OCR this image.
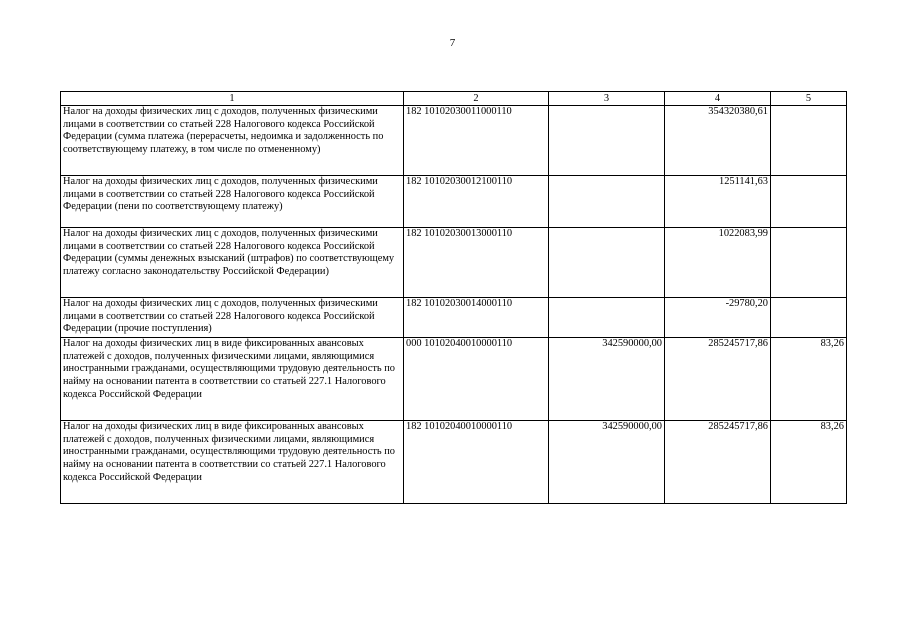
7
1	2	3	4	5
Налог на доходы физических лиц с доходов, полученных физическими лицами в соответствии со статьей 228 Налогового кодекса Российской Федерации (сумма платежа (перерасчеты, недоимка и задолженность по соответствующему платежу, в том числе по отмененному)	182 10102030011000110		354320380,61	
Налог на доходы физических лиц с доходов, полученных физическими лицами в соответствии со статьей 228 Налогового кодекса Российской Федерации (пени по соответствующему платежу)	182 10102030012100110		1251141,63	
Налог на доходы физических лиц с доходов, полученных физическими лицами в соответствии со статьей 228 Налогового кодекса Российской Федерации (суммы денежных взысканий (штрафов) по соответствующему платежу согласно законодательству Российской Федерации)	182 10102030013000110		1022083,99	
Налог на доходы физических лиц с доходов, полученных физическими лицами в соответствии со статьей 228 Налогового кодекса Российской Федерации (прочие поступления)	182 10102030014000110		-29780,20	
Налог на доходы физических лиц в виде фиксированных авансовых платежей с доходов, полученных физическими лицами, являющимися иностранными гражданами, осуществляющими трудовую деятельность по найму на основании патента в соответствии со статьей 227.1 Налогового кодекса Российской Федерации	000 10102040010000110	342590000,00	285245717,86	83,26
Налог на доходы физических лиц в виде фиксированных авансовых платежей с доходов, полученных физическими лицами, являющимися иностранными гражданами, осуществляющими трудовую деятельность по найму на основании патента в соответствии со статьей 227.1 Налогового кодекса Российской Федерации	182 10102040010000110	342590000,00	285245717,86	83,26
